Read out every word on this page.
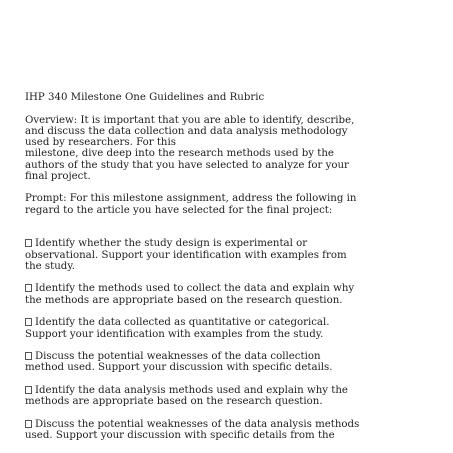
IHP 340 Milestone One Guidelines and Rubric

Overview: It is important that you are able to identify, describe,
and discuss the data collection and data analysis methodology
used by researchers. For this
milestone, dive deep into the research methods used by the
authors of the study that you have selected to analyze for your
final project.

Prompt: For this milestone assignment, address the following in
regard to the article you have selected for the final project:

Identify whether the study design is experimental or
observational. Support your identification with examples from
the study.

Identify the methods used to collect the data and explain why
the methods are appropriate based on the research question.

Identify the data collected as quantitative or categorical.
Support your identification with examples from the study.

Discuss the potential weaknesses of the data collection
method used. Support your discussion with specific details.

Identify the data analysis methods used and explain why the
methods are appropriate based on the research question.

Discuss the potential weaknesses of the data analysis methods
used. Support your discussion with specific details from the
